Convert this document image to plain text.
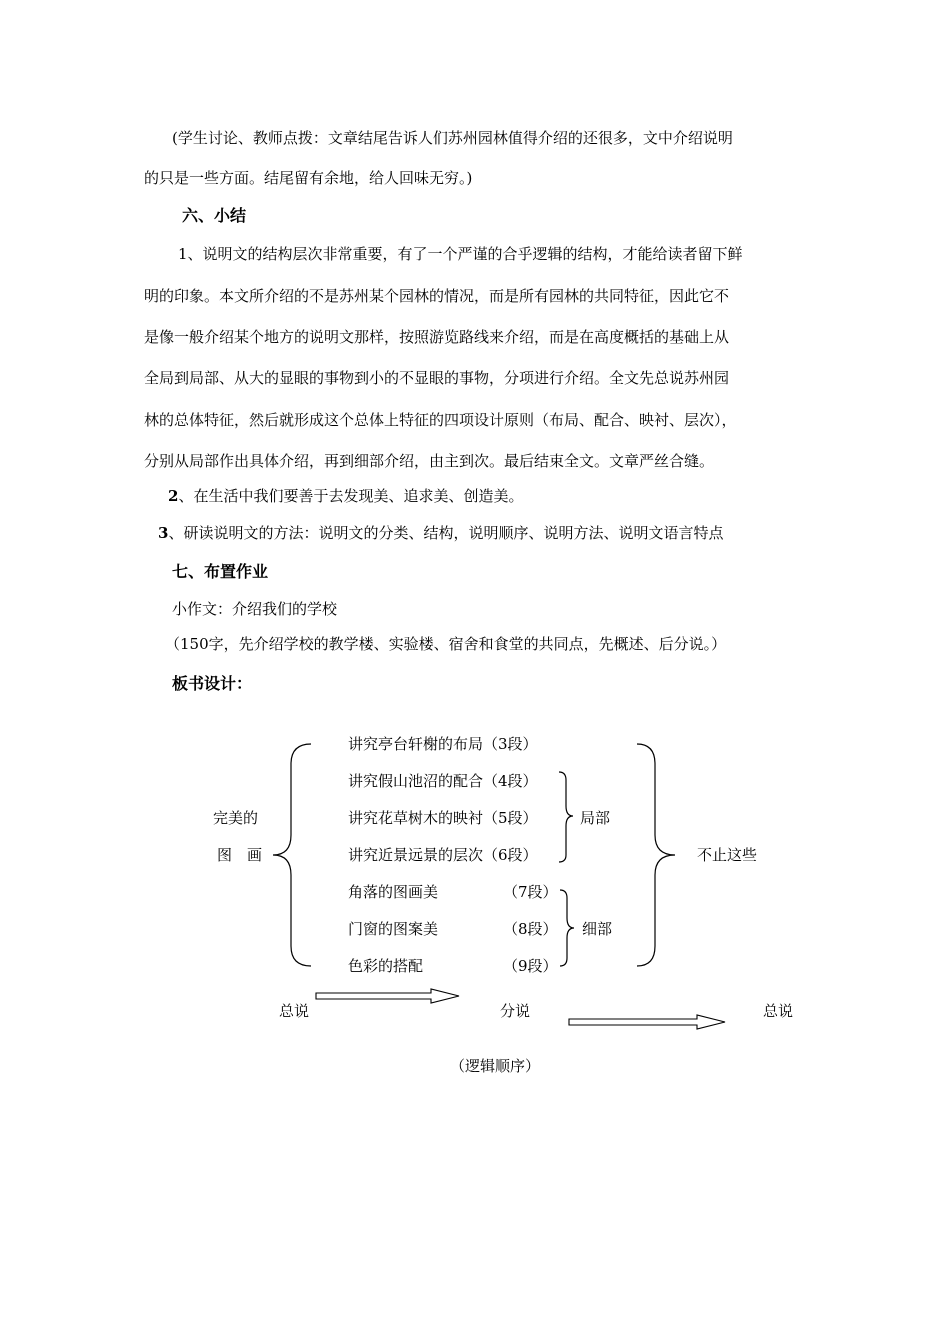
(学生讨论、教师点拨：文章结尾告诉人们苏州园林值得介绍的还很多，文中介绍说明
的只是一些方面。结尾留有余地，给人回味无穷。)
六、小结
1、说明文的结构层次非常重要，有了一个严谨的合乎逻辑的结构，才能给读者留下鲜
明的印象。本文所介绍的不是苏州某个园林的情况，而是所有园林的共同特征，因此它不
是像一般介绍某个地方的说明文那样，按照游览路线来介绍，而是在高度概括的基础上从
全局到局部、从大的显眼的事物到小的不显眼的事物，分项进行介绍。全文先总说苏州园
林的总体特征，然后就形成这个总体上特征的四项设计原则（布局、配合、映衬、层次），
分别从局部作出具体介绍，再到细部介绍，由主到次。最后结束全文。文章严丝合缝。
2、在生活中我们要善于去发现美、追求美、创造美。
3、研读说明文的方法：说明文的分类、结构，说明顺序、说明方法、说明文语言特点
七、布置作业
小作文：介绍我们的学校
（150字，先介绍学校的教学楼、实验楼、宿舍和食堂的共同点，先概述、后分说。）
板书设计：
完美的
图　画
讲究亭台轩榭的布局（3段）
讲究假山池沼的配合（4段）
讲究花草树木的映衬（5段）
讲究近景远景的层次（6段）
角落的图画美
门窗的图案美
色彩的搭配
（7段）
（8段）
（9段）
局部
细部
不止这些
总说	分说	总说
（逻辑顺序）
